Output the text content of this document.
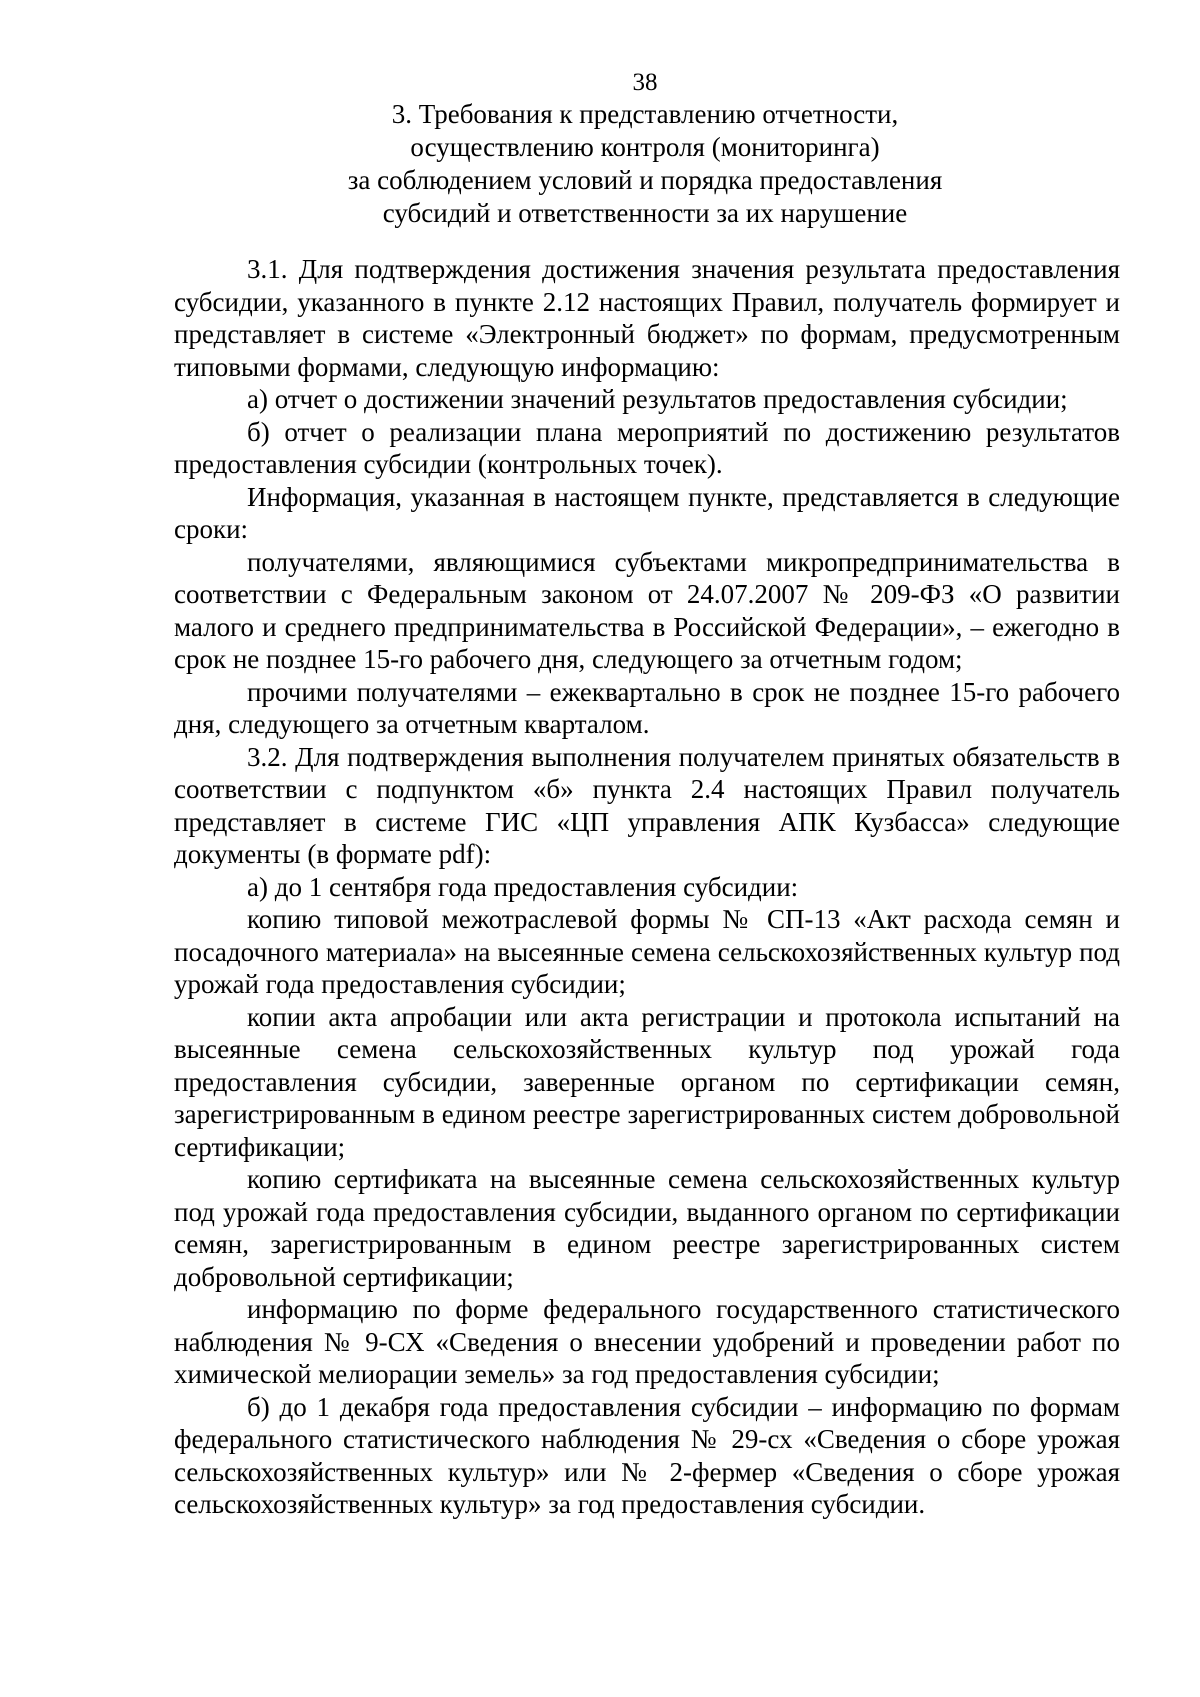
38
3. Требования к представлению отчетности,
осуществлению контроля (мониторинга)
за соблюдением условий и порядка предоставления
субсидий и ответственности за их нарушение

3.1. Для подтверждения достижения значения результата предоставления субсидии, указанного в пункте 2.12 настоящих Правил, получатель формирует и представляет в системе «Электронный бюджет» по формам, предусмотренным типовыми формами, следующую информацию:

а) отчет о достижении значений результатов предоставления субсидии;

б) отчет о реализации плана мероприятий по достижению результатов предоставления субсидии (контрольных точек).

Информация, указанная в настоящем пункте, представляется в следующие сроки:

получателями, являющимися субъектами микропредпринимательства в соответствии с Федеральным законом от 24.07.2007 № 209-ФЗ «О развитии малого и среднего предпринимательства в Российской Федерации», – ежегодно в срок не позднее 15-го рабочего дня, следующего за отчетным годом;

прочими получателями – ежеквартально в срок не позднее 15-го рабочего дня, следующего за отчетным кварталом.

3.2. Для подтверждения выполнения получателем принятых обязательств в соответствии с подпунктом «б» пункта 2.4 настоящих Правил получатель представляет в системе ГИС «ЦП управления АПК Кузбасса» следующие документы (в формате pdf):

а) до 1 сентября года предоставления субсидии:

копию типовой межотраслевой формы № СП-13 «Акт расхода семян и посадочного материала» на высеянные семена сельскохозяйственных культур под урожай года предоставления субсидии;

копии акта апробации или акта регистрации и протокола испытаний на высеянные семена сельскохозяйственных культур под урожай года предоставления субсидии, заверенные органом по сертификации семян, зарегистрированным в едином реестре зарегистрированных систем добровольной сертификации;

копию сертификата на высеянные семена сельскохозяйственных культур под урожай года предоставления субсидии, выданного органом по сертификации семян, зарегистрированным в едином реестре зарегистрированных систем добровольной сертификации;

информацию по форме федерального государственного статистического наблюдения № 9-СХ «Сведения о внесении удобрений и проведении работ по химической мелиорации земель» за год предоставления субсидии;

б) до 1 декабря года предоставления субсидии – информацию по формам федерального статистического наблюдения № 29-сх «Сведения о сборе урожая сельскохозяйственных культур» или № 2-фермер «Сведения о сборе урожая сельскохозяйственных культур» за год предоставления субсидии.
